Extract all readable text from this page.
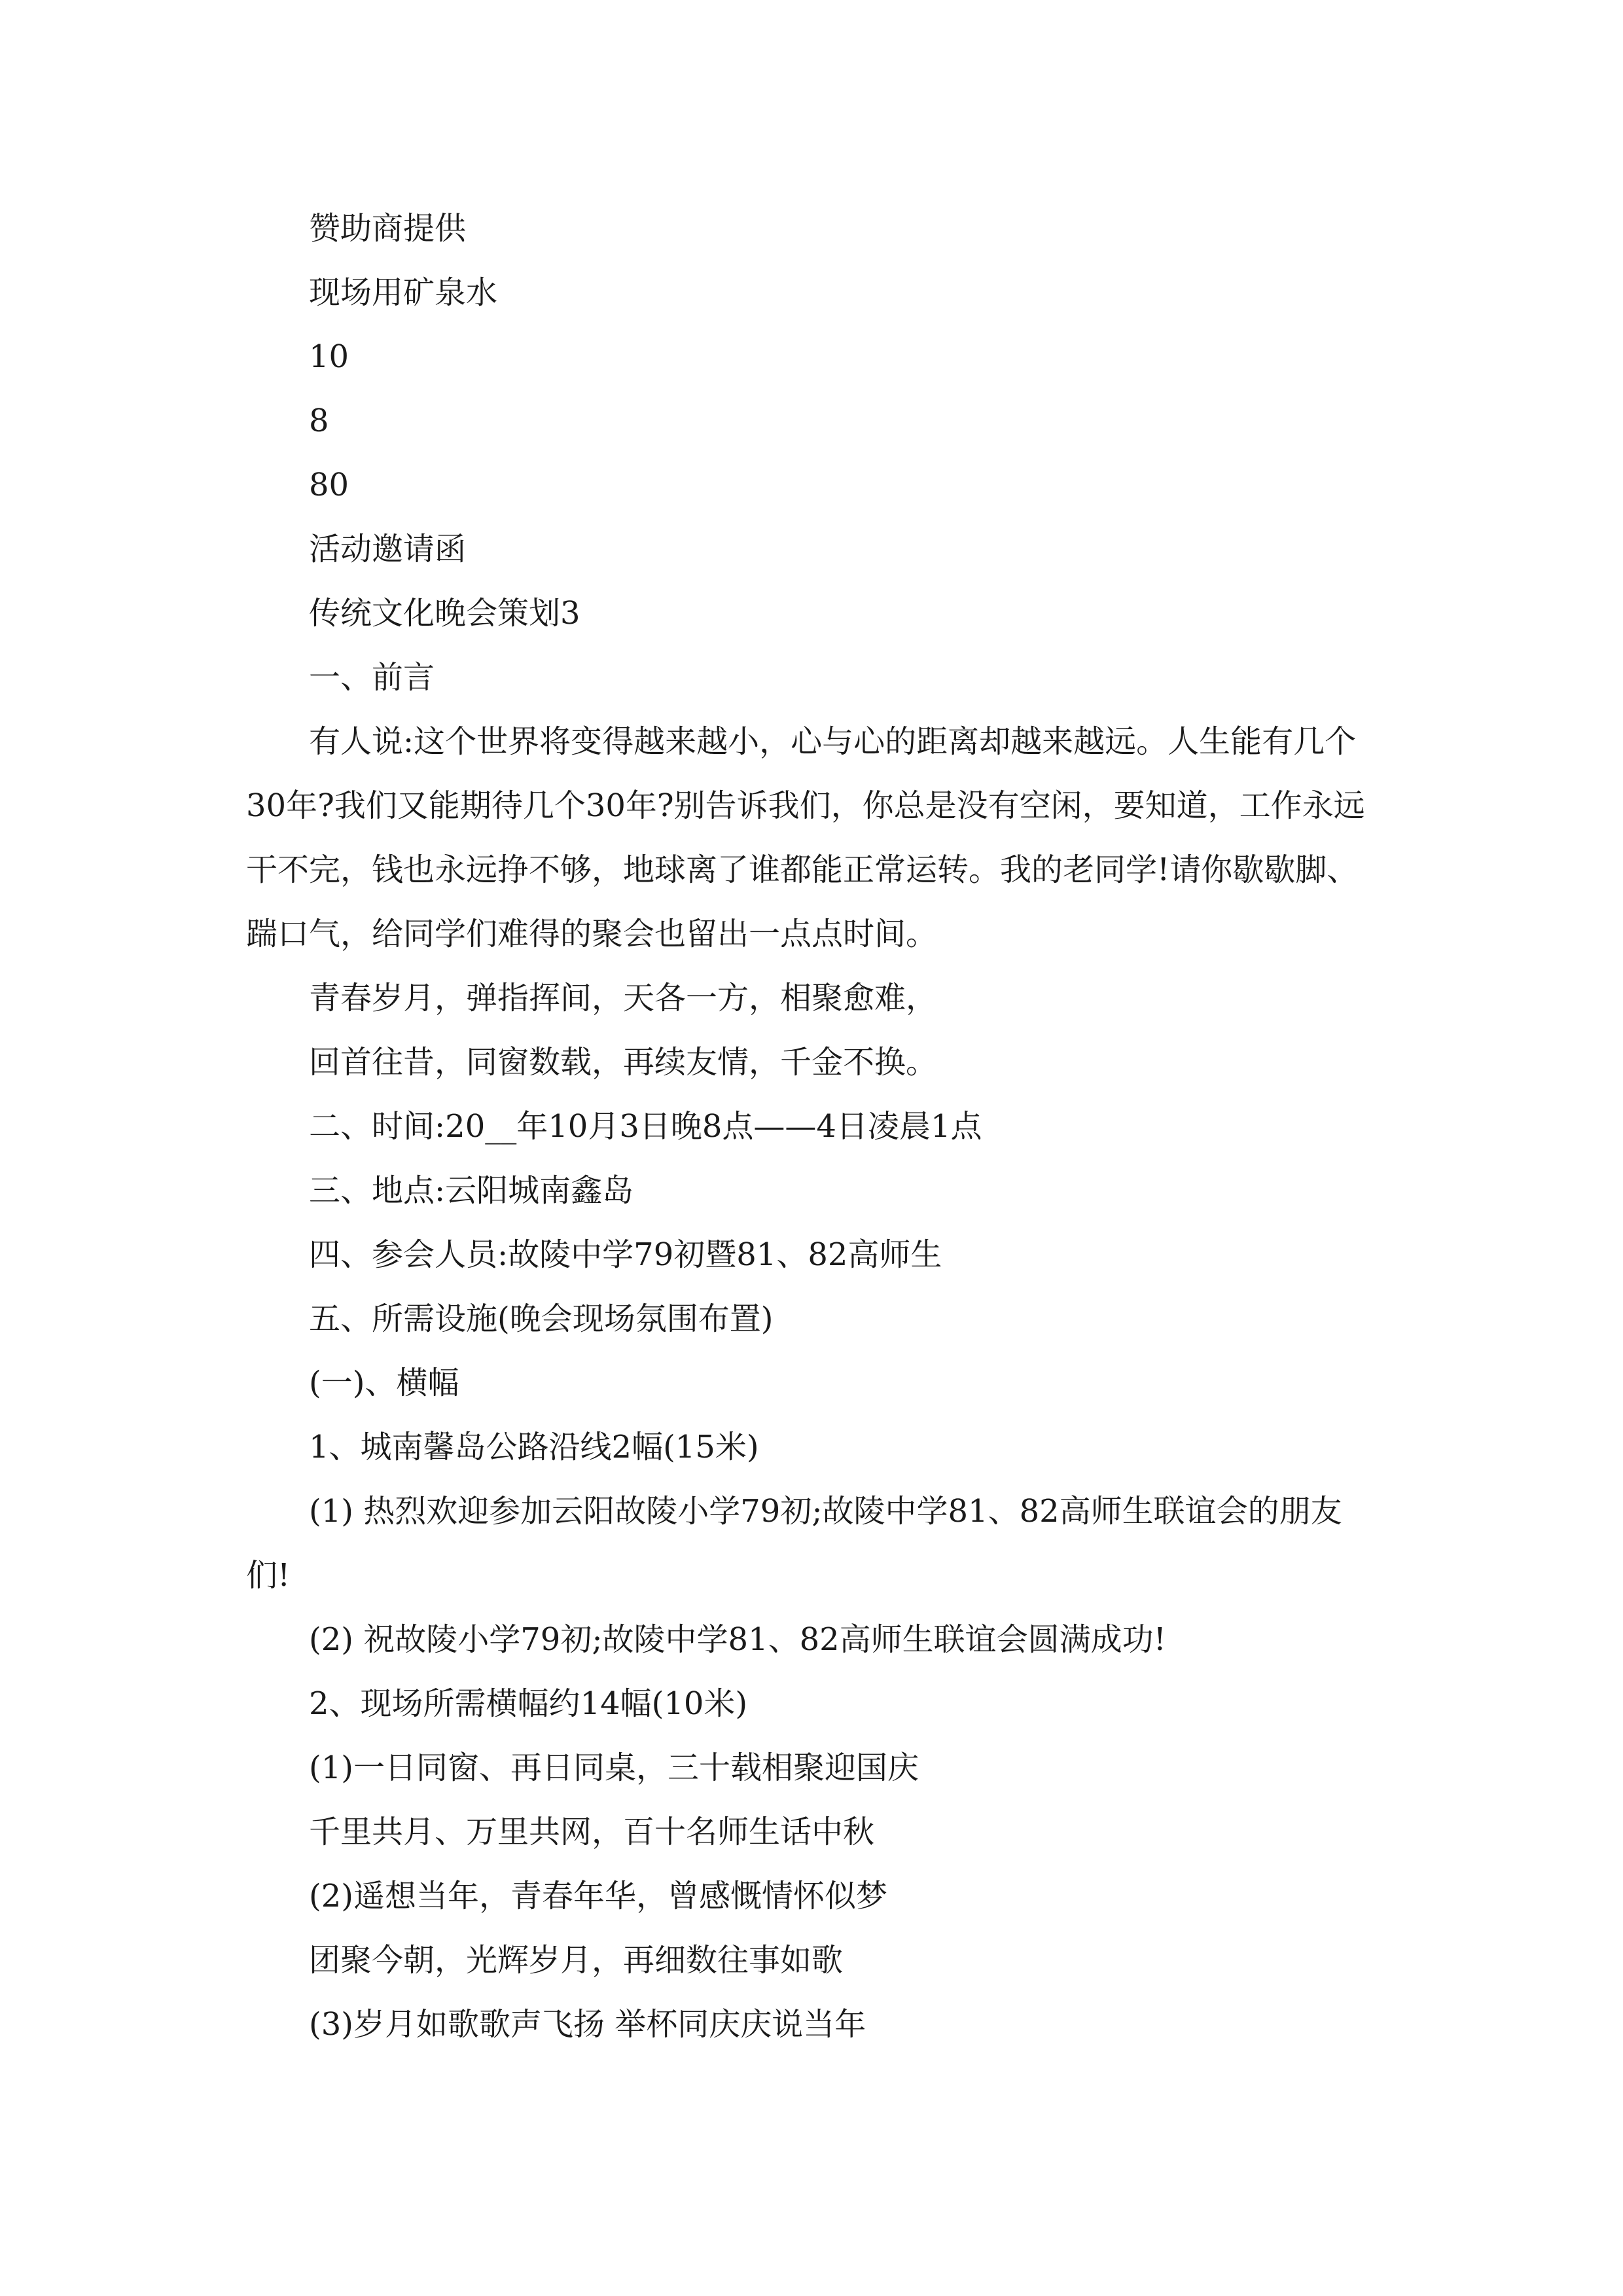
赞助商提供

现场用矿泉水

10

8

80

活动邀请函

传统文化晚会策划3

一、前言

有人说:这个世界将变得越来越小，心与心的距离却越来越远。人生能有几个30年?我们又能期待几个30年?别告诉我们，你总是没有空闲，要知道，工作永远干不完，钱也永远挣不够，地球离了谁都能正常运转。我的老同学!请你歇歇脚、踹口气，给同学们难得的聚会也留出一点点时间。

青春岁月，弹指挥间，天各一方，相聚愈难，

回首往昔，同窗数载，再续友情，千金不换。

二、时间:20__年10月3日晚8点——4日凌晨1点

三、地点:云阳城南鑫岛

四、参会人员:故陵中学79初暨81、82高师生

五、所需设施(晚会现场氛围布置)

(一)、横幅

1、城南馨岛公路沿线2幅(15米)

(1) 热烈欢迎参加云阳故陵小学79初;故陵中学81、82高师生联谊会的朋友们!

(2) 祝故陵小学79初;故陵中学81、82高师生联谊会圆满成功!

2、现场所需横幅约14幅(10米)

(1)一日同窗、再日同桌，三十载相聚迎国庆

千里共月、万里共网，百十名师生话中秋

(2)遥想当年，青春年华，曾感慨情怀似梦

团聚今朝，光辉岁月，再细数往事如歌

(3)岁月如歌歌声飞扬 举杯同庆庆说当年
